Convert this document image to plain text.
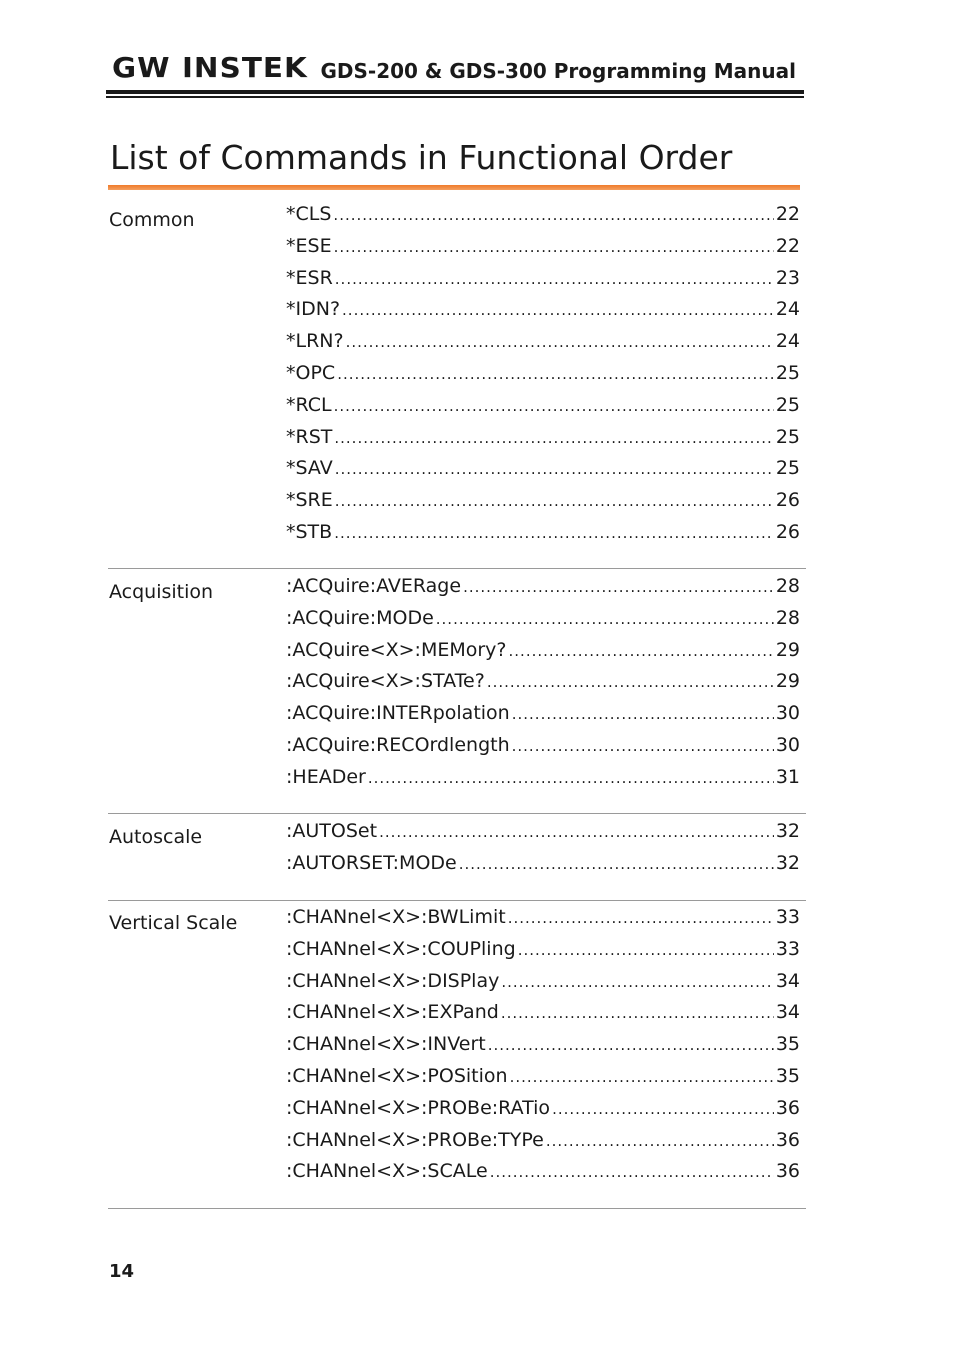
GW INSTEK GDS-200 & GDS-300 Programming Manual
List of Commands in Functional Order
Common	*CLS .....	22
*ESE .....	22
*ESR .....	23
*IDN? .....	24
*LRN? .....	24
*OPC .....	25
*RCL .....	25
*RST .....	25
*SAV .....	25
*SRE .....	26
*STB .....	26
Acquisition	:ACQuire:AVERage .....	28
:ACQuire:MODe .....	28
:ACQuire<X>:MEMory? .....	29
:ACQuire<X>:STATe? .....	29
:ACQuire:INTERpolation .....	30
:ACQuire:RECOrdlength .....	30
:HEADer .....	31
Autoscale	:AUTOSet .....	32
:AUTORSET:MODe .....	32
Vertical Scale	:CHANnel<X>:BWLimit .....	33
:CHANnel<X>:COUPling .....	33
:CHANnel<X>:DISPlay .....	34
:CHANnel<X>:EXPand .....	34
:CHANnel<X>:INVert .....	35
:CHANnel<X>:POSition .....	35
:CHANnel<X>:PROBe:RATio .....	36
:CHANnel<X>:PROBe:TYPe .....	36
:CHANnel<X>:SCALe .....	36
14
